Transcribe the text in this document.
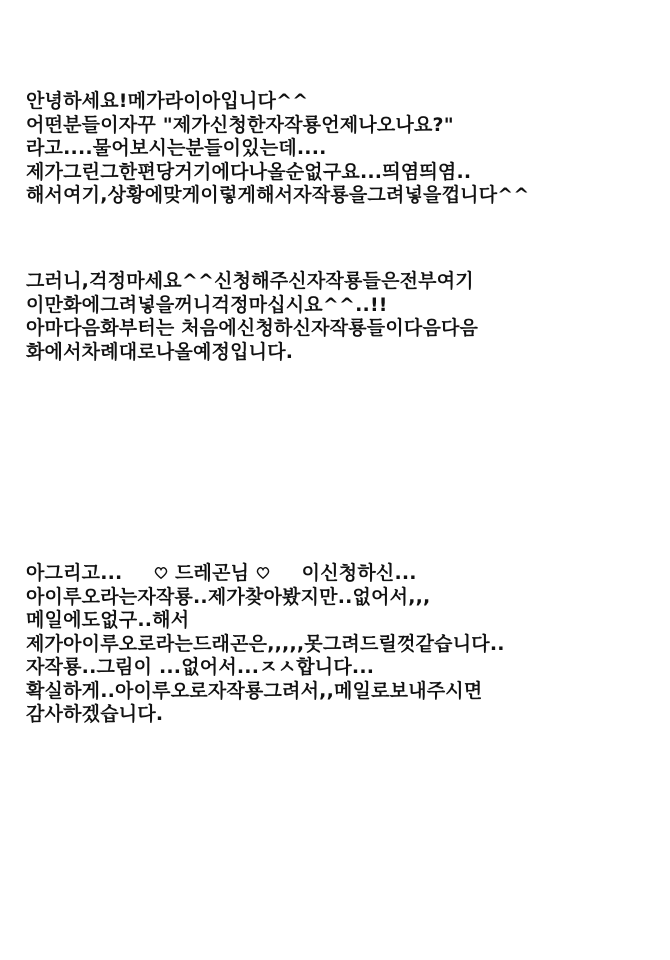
안녕하세요!메가라이아입니다^^
어떤분들이자꾸 "제가신청한자작룡언제나오나요?"
라고....물어보시는분들이있는데....
제가그린그한편당거기에다나올순없구요...띄염띄염..
해서여기,상황에맞게이렇게해서자작룡을그려넣을껍니다^^
그러니,걱정마세요^^신청해주신자작룡들은전부여기
이만화에그려넣을꺼니걱정마십시요^^..!!
아마다음화부터는 처음에신청하신자작룡들이다음다음
화에서차례대로나올예정입니다.
아그리고...	드레곤님	이신청하신...
아이루오라는자작룡..제가찾아봤지만..없어서,,,
메일에도없구..해서
제가아이루오로라는드래곤은,,,,,못그려드릴껏같습니다..
자작룡..그림이 ...없어서...ㅈㅅ합니다...
확실하게..아이루오로자작룡그려서,,메일로보내주시면
감사하겠습니다.
